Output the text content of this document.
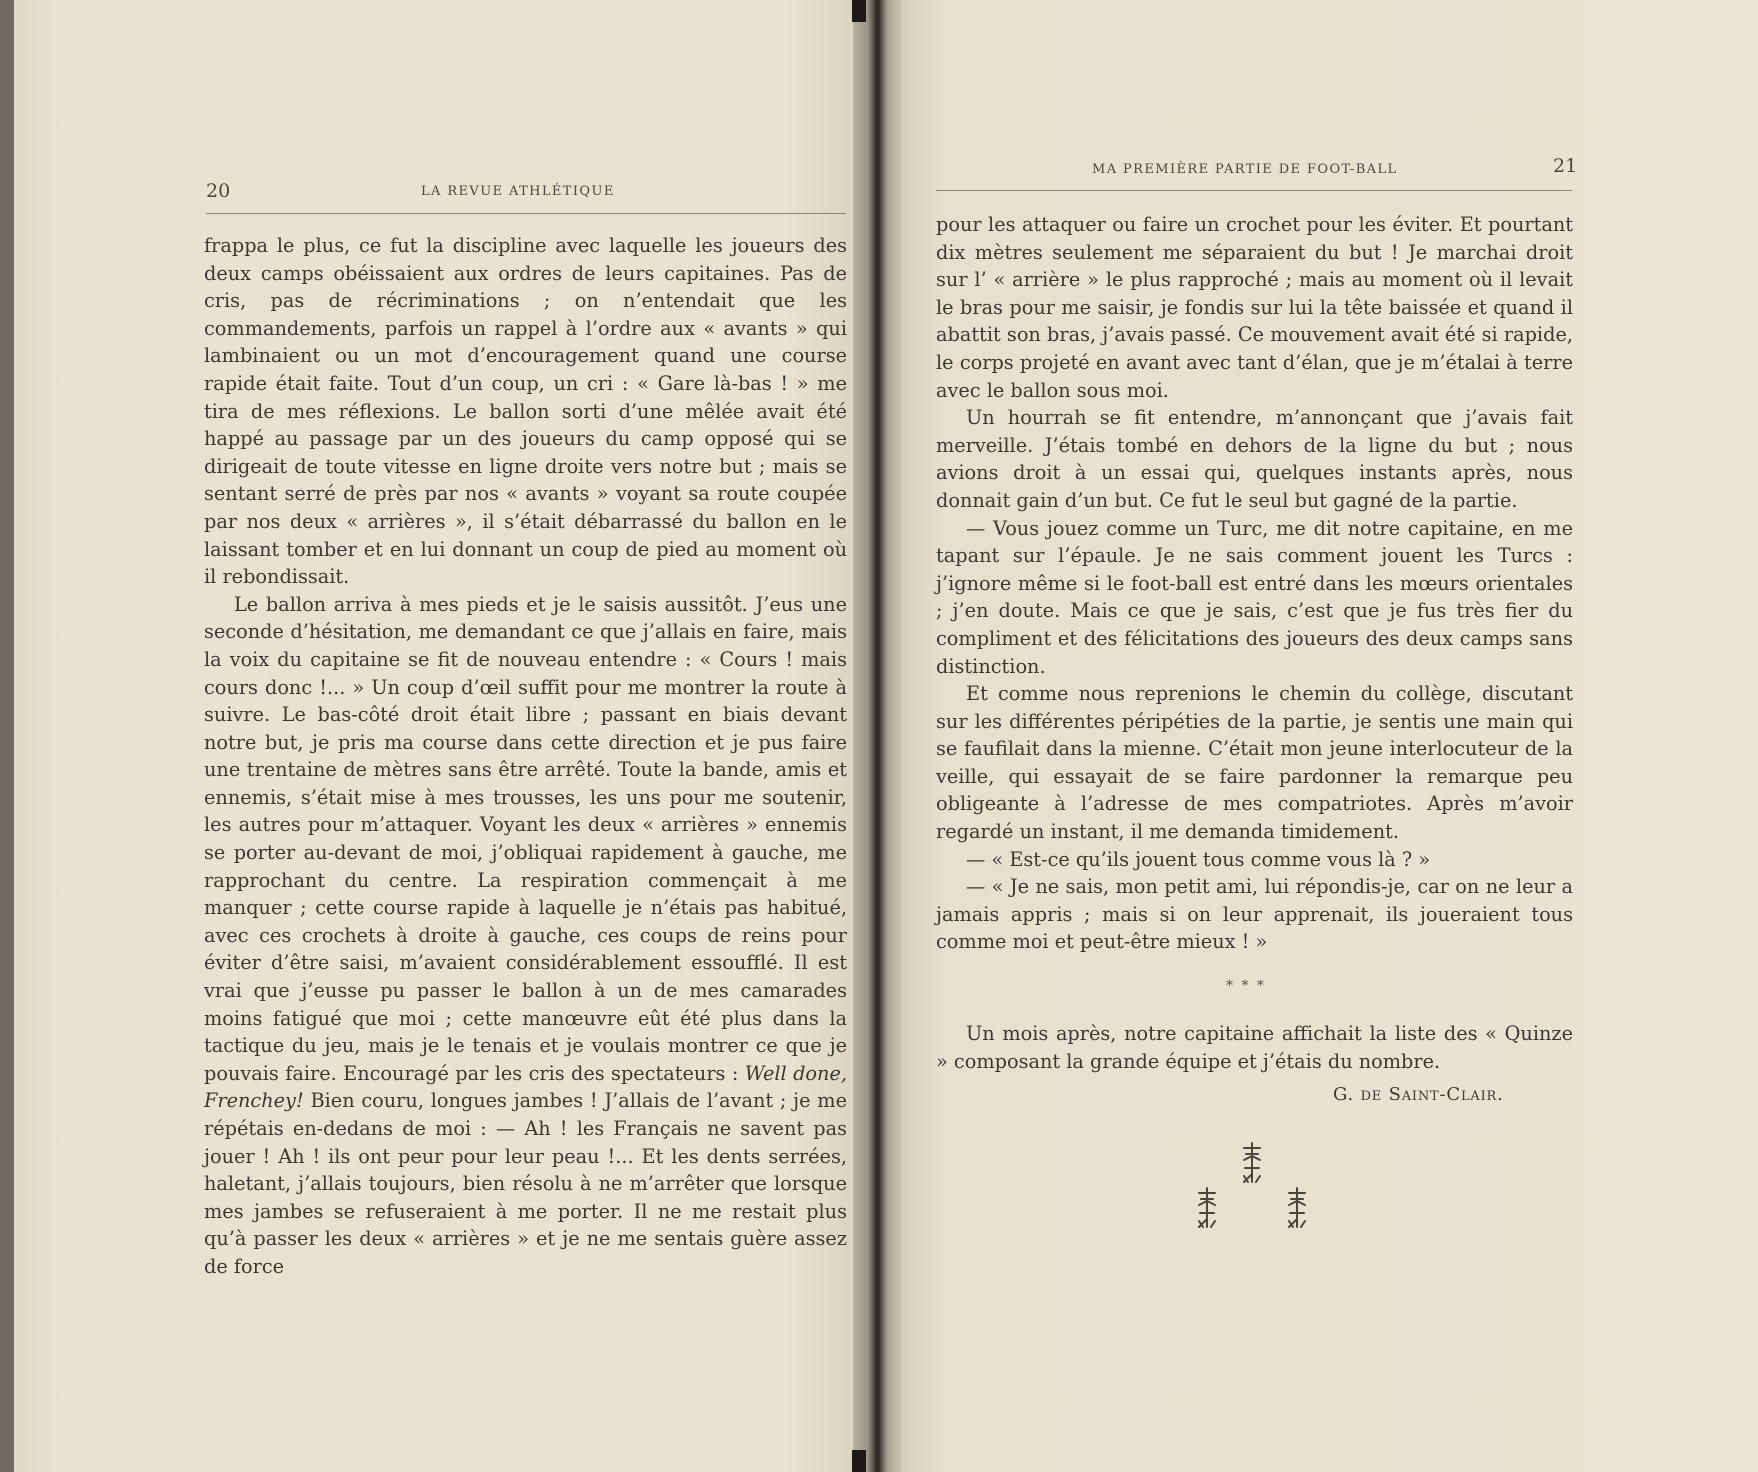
20	LA REVUE ATHLÉTIQUE

frappa le plus, ce fut la discipline avec laquelle les joueurs des deux camps obéissaient aux ordres de leurs capitaines. Pas de cris, pas de récriminations ; on n’entendait que les commandements, parfois un rappel à l’ordre aux « avants » qui lambinaient ou un mot d’encouragement quand une course rapide était faite. Tout d’un coup, un cri : « Gare là-bas ! » me tira de mes réflexions. Le ballon sorti d’une mêlée avait été happé au passage par un des joueurs du camp opposé qui se dirigeait de toute vitesse en ligne droite vers notre but ; mais se sentant serré de près par nos « avants » voyant sa route coupée par nos deux « arrières », il s’était débarrassé du ballon en le laissant tomber et en lui donnant un coup de pied au moment où il rebondissait.

Le ballon arriva à mes pieds et je le saisis aussitôt. J’eus une seconde d’hésitation, me demandant ce que j’allais en faire, mais la voix du capitaine se fit de nouveau entendre : « Cours ! mais cours donc !... » Un coup d’œil suffit pour me montrer la route à suivre. Le bas-côté droit était libre ; passant en biais devant notre but, je pris ma course dans cette direction et je pus faire une trentaine de mètres sans être arrêté. Toute la bande, amis et ennemis, s’était mise à mes trousses, les uns pour me soutenir, les autres pour m’attaquer. Voyant les deux « arrières » ennemis se porter au-devant de moi, j’obliquai rapidement à gauche, me rapprochant du centre. La respiration commençait à me manquer ; cette course rapide à laquelle je n’étais pas habitué, avec ces crochets à droite à gauche, ces coups de reins pour éviter d’être saisi, m’avaient considérablement essoufflé. Il est vrai que j’eusse pu passer le ballon à un de mes camarades moins fatigué que moi ; cette manœuvre eût été plus dans la tactique du jeu, mais je le tenais et je voulais montrer ce que je pouvais faire. Encouragé par les cris des spectateurs : Well done, Frenchey! Bien couru, longues jambes ! J’allais de l’avant ; je me répétais en-dedans de moi : — Ah ! les Français ne savent pas jouer ! Ah ! ils ont peur pour leur peau !... Et les dents serrées, haletant, j’allais toujours, bien résolu à ne m’arrêter que lorsque mes jambes se refuseraient à me porter. Il ne me restait plus qu’à passer les deux « arrières » et je ne me sentais guère assez de force

MA PREMIÈRE PARTIE DE FOOT-BALL	21

pour les attaquer ou faire un crochet pour les éviter. Et pourtant dix mètres seulement me séparaient du but ! Je marchai droit sur l’ « arrière » le plus rapproché ; mais au moment où il levait le bras pour me saisir, je fondis sur lui la tête baissée et quand il abattit son bras, j’avais passé. Ce mouvement avait été si rapide, le corps projeté en avant avec tant d’élan, que je m’étalai à terre avec le ballon sous moi.

Un hourrah se fit entendre, m’annonçant que j’avais fait merveille. J’étais tombé en dehors de la ligne du but ; nous avions droit à un essai qui, quelques instants après, nous donnait gain d’un but. Ce fut le seul but gagné de la partie.

— Vous jouez comme un Turc, me dit notre capitaine, en me tapant sur l’épaule. Je ne sais comment jouent les Turcs : j’ignore même si le foot-ball est entré dans les mœurs orientales ; j’en doute. Mais ce que je sais, c’est que je fus très fier du compliment et des félicitations des joueurs des deux camps sans distinction.

Et comme nous reprenions le chemin du collège, discutant sur les différentes péripéties de la partie, je sentis une main qui se faufilait dans la mienne. C’était mon jeune interlocuteur de la veille, qui essayait de se faire pardonner la remarque peu obligeante à l’adresse de mes compatriotes. Après m’avoir regardé un instant, il me demanda timidement.

— « Est-ce qu’ils jouent tous comme vous là ? »

— « Je ne sais, mon petit ami, lui répondis-je, car on ne leur a jamais appris ; mais si on leur apprenait, ils joueraient tous comme moi et peut-être mieux ! »

* * *

Un mois après, notre capitaine affichait la liste des « Quinze » composant la grande équipe et j’étais du nombre.

G. de Saint-Clair.
